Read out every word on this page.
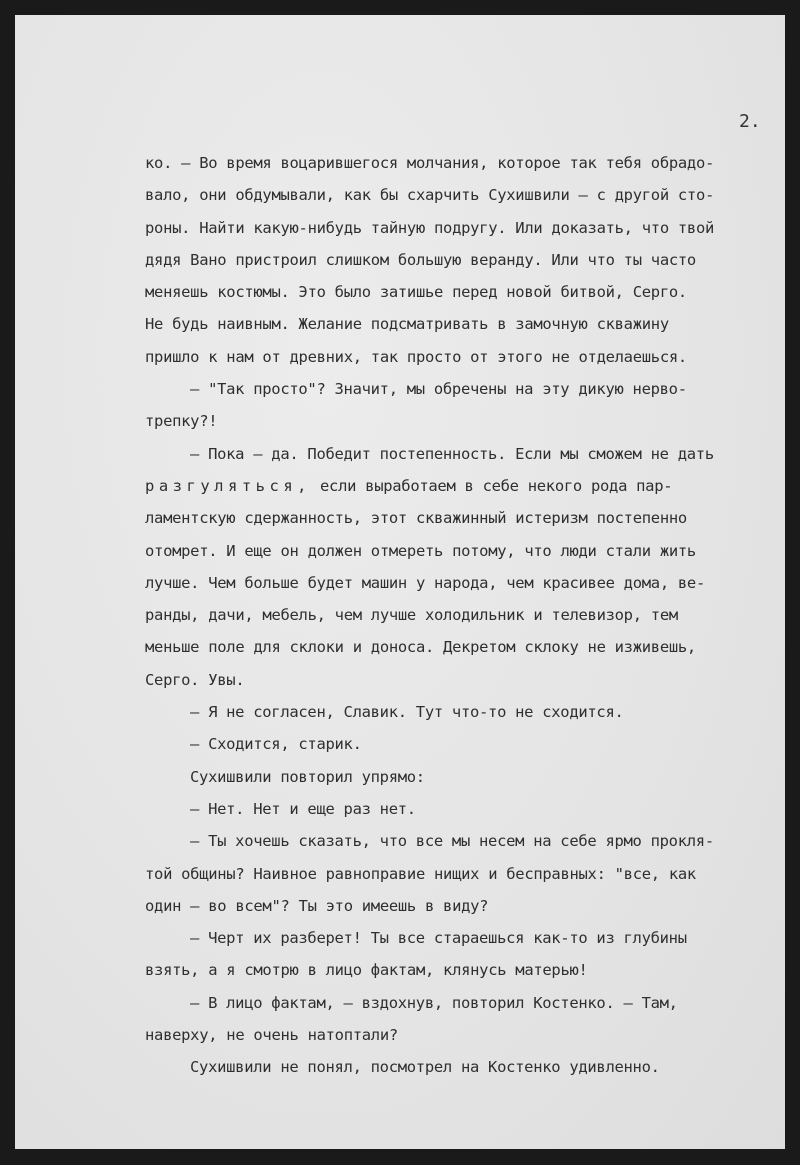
2.
ко. – Во время воцарившегося молчания, которое так тебя обрадо-
вало, они обдумывали, как бы схарчить Сухишвили – с другой сто-
роны. Найти какую-нибудь тайную подругу. Или доказать, что твой
дядя Вано пристроил слишком большую веранду. Или что ты часто
меняешь костюмы. Это было затишье перед новой битвой, Серго.
Не будь наивным. Желание подсматривать в замочную скважину
пришло к нам от древних, так просто от этого не отделаешься.
– "Так просто"? Значит, мы обречены на эту дикую нерво-
трепку?!
– Пока – да. Победит постепенность. Если мы сможем не дать
разгуляться, если выработаем в себе некого рода пар-
ламентскую сдержанность, этот скважинный истеризм постепенно
отомрет. И еще он должен отмереть потому, что люди стали жить
лучше. Чем больше будет машин у народа, чем красивее дома, ве-
ранды, дачи, мебель, чем лучше холодильник и телевизор, тем
меньше поле для склоки и доноса. Декретом склоку не изживешь,
Серго. Увы.
– Я не согласен, Славик. Тут что-то не сходится.
– Сходится, старик.
Сухишвили повторил упрямо:
– Нет. Нет и еще раз нет.
– Ты хочешь сказать, что все мы несем на себе ярмо прокля-
той общины? Наивное равноправие нищих и бесправных: "все, как
один – во всем"? Ты это имеешь в виду?
– Черт их разберет! Ты все стараешься как-то из глубины
взять, а я смотрю в лицо фактам, клянусь матерью!
– В лицо фактам, – вздохнув, повторил Костенко. – Там,
наверху, не очень натоптали?
Сухишвили не понял, посмотрел на Костенко удивленно.
